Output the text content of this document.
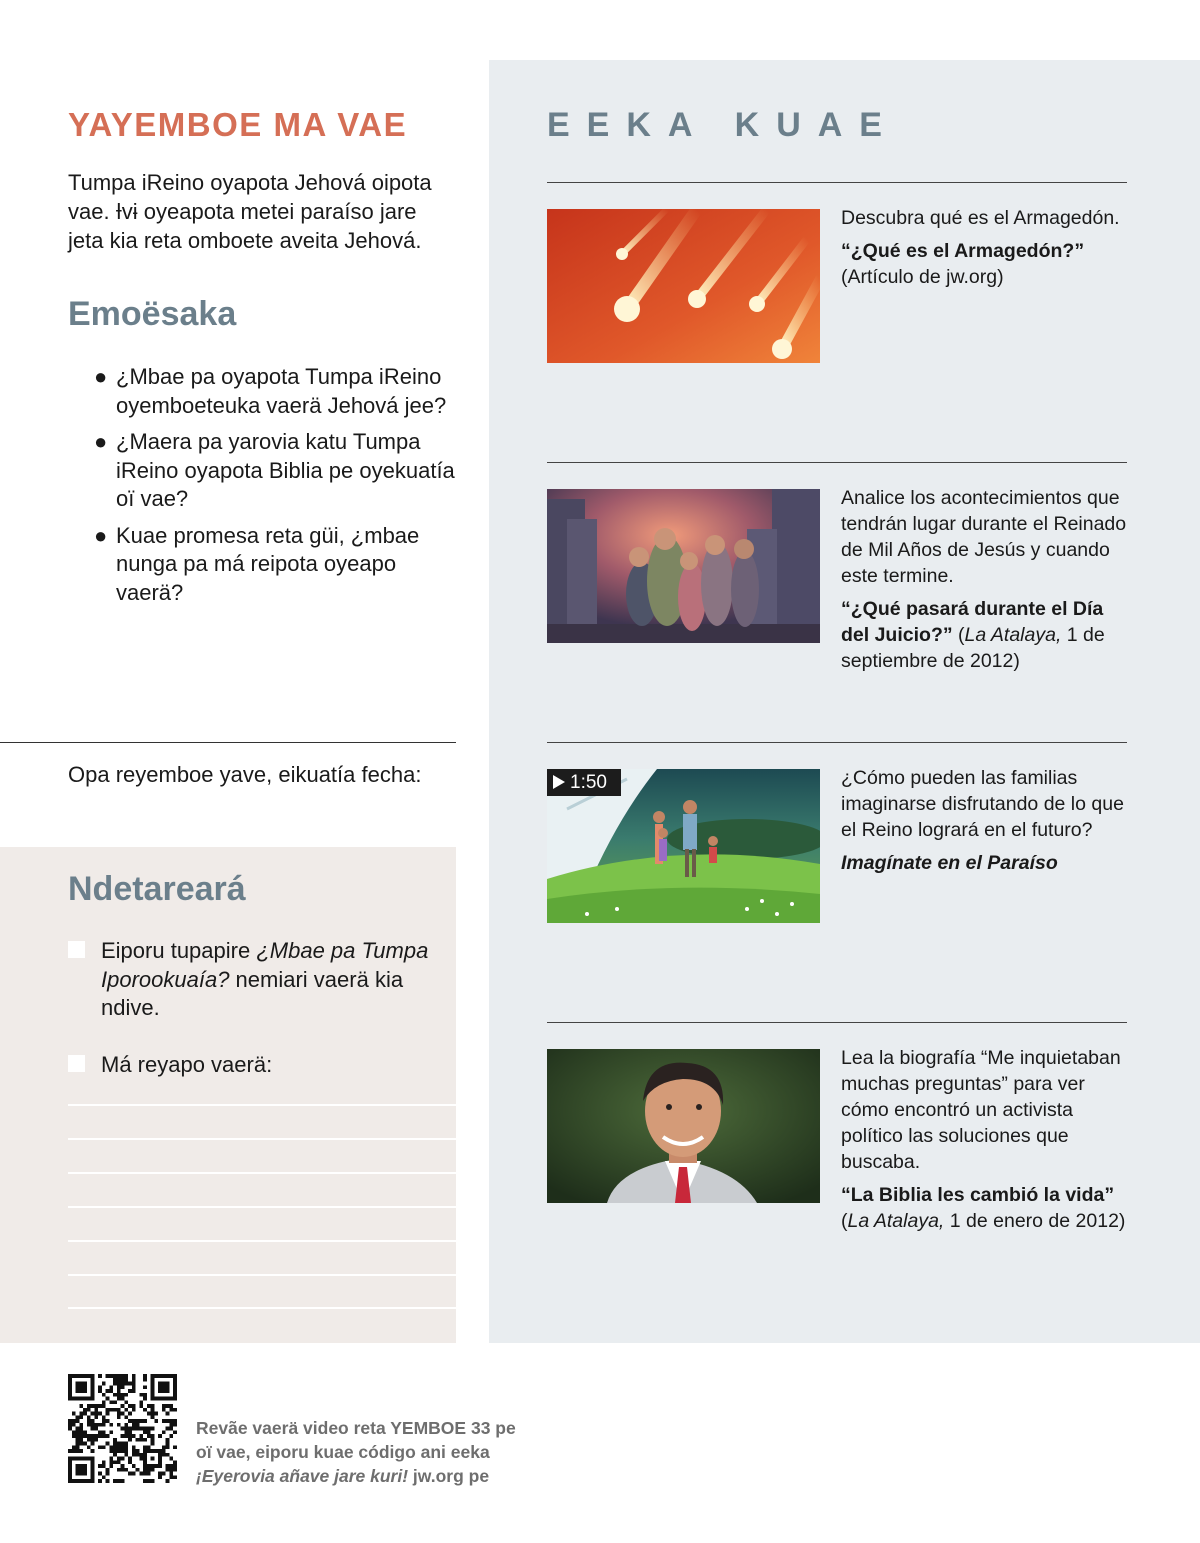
YAYEMBOE MA VAE

Tumpa iReino oyapota Jehová oipota vae. Ɨvɨ oyeapota metei paraíso jare jeta kia reta omboete aveita Jehová.

Emoësaka
● ¿Mbae pa oyapota Tumpa iReino oyemboeteuka vaerä Jehová jee?
● ¿Maera pa yarovia katu Tumpa iReino oyapota Biblia pe oyekuatía oï vae?
● Kuae promesa reta güi, ¿mbae nunga pa má reipota oyeapo vaerä?

Opa reyemboe yave, eikuatía fecha:

Ndetareará
Eiporu tupapire ¿Mbae pa Tumpa Iporookuaía? nemiari vaerä kia ndive.
Má reyapo vaerä:
EEKA KUAE
Descubra qué es el Armagedón.
“¿Qué es el Armagedón?”
(Artículo de jw.org)
Analice los acontecimientos que tendrán lugar durante el Reinado de Mil Años de Jesús y cuando este termine.
“¿Qué pasará durante el Día del Juicio?” (La Atalaya, 1 de septiembre de 2012)
1:50	¿Cómo pueden las familias imaginarse disfrutando de lo que el Reino logrará en el futuro?
Imagínate en el Paraíso
Lea la biografía “Me inquietaban muchas preguntas” para ver cómo encontró un activista político las soluciones que buscaba.
“La Biblia les cambió la vida”
(La Atalaya, 1 de enero de 2012)

Revãe vaerä video reta YEMBOE 33 pe oï vae, eiporu kuae código ani eeka ¡Eyerovia añave jare kuri! jw.org pe
